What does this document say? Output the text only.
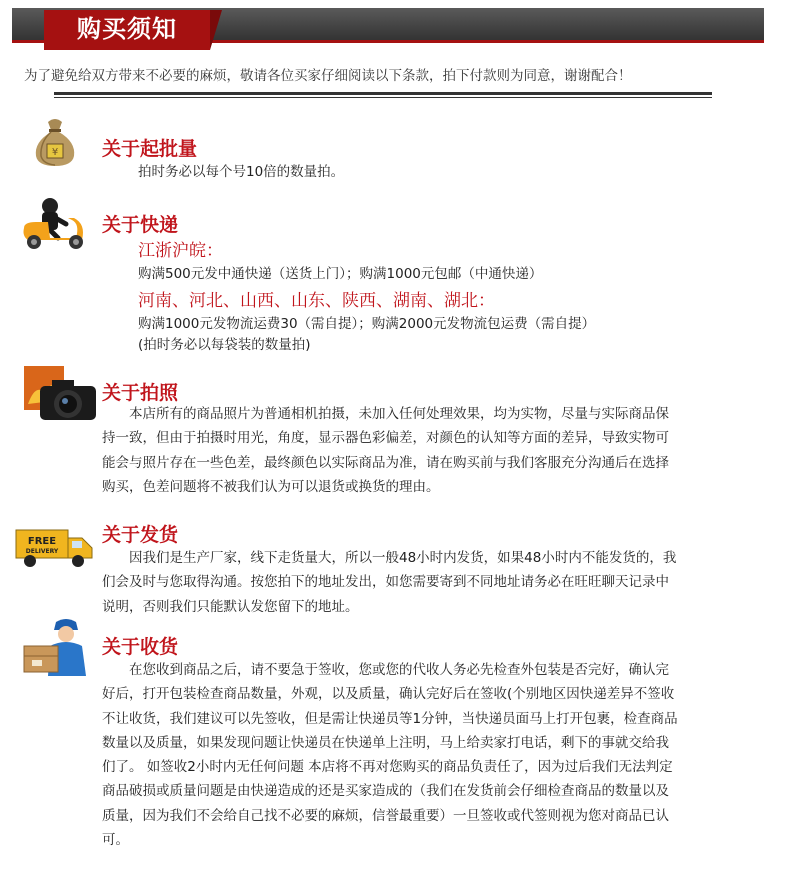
购买须知
为了避免给双方带来不必要的麻烦，敬请各位买家仔细阅读以下条款，拍下付款则为同意，谢谢配合！
¥ 关于起批量
拍时务必以每个号10倍的数量拍。
关于快递
江浙沪皖：
购满500元发中通快递（送货上门）；购满1000元包邮（中通快递）
河南、河北、山西、山东、陕西、湖南、湖北：
购满1000元发物流运费30（需自提）；购满2000元发物流包运费（需自提）
(拍时务必以每袋装的数量拍)
关于拍照
　　本店所有的商品照片为普通相机拍摄，未加入任何处理效果，均为实物，尽量与实际商品保
持一致，但由于拍摄时用光，角度，显示器色彩偏差，对颜色的认知等方面的差异，导致实物可
能会与照片存在一些色差，最终颜色以实际商品为准，请在购买前与我们客服充分沟通后在选择
购买，色差问题将不被我们认为可以退货或换货的理由。
FREE
DELIVERY
关于发货
　　因我们是生产厂家，线下走货量大，所以一般48小时内发货，如果48小时内不能发货的，我
们会及时与您取得沟通。按您拍下的地址发出，如您需要寄到不同地址请务必在旺旺聊天记录中
说明，否则我们只能默认发您留下的地址。
关于收货
　　在您收到商品之后，请不要急于签收，您或您的代收人务必先检查外包装是否完好，确认完
好后，打开包装检查商品数量，外观，以及质量，确认完好后在签收(个别地区因快递差异不签收
不让收货，我们建议可以先签收，但是需让快递员等1分钟，当快递员面马上打开包裹，检查商品
数量以及质量，如果发现问题让快递员在快递单上注明，马上给卖家打电话，剩下的事就交给我
们了。 如签收2小时内无任何问题 本店将不再对您购买的商品负责任了，因为过后我们无法判定
商品破损或质量问题是由快递造成的还是买家造成的（我们在发货前会仔细检查商品的数量以及
质量，因为我们不会给自己找不必要的麻烦，信誉最重要）一旦签收或代签则视为您对商品已认
可。
